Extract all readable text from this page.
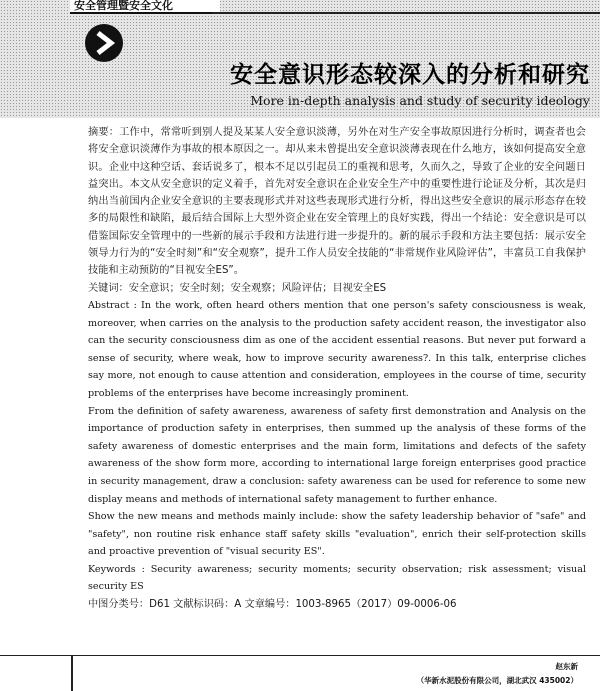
安全管理暨安全文化
安全意识形态较深入的分析和研究
More in-depth analysis and study of security ideology

摘要：工作中，常常听到别人提及某某人安全意识淡薄，另外在对生产安全事故原因进行分析时，调查者也会将安全意识淡薄作为事故的根本原因之一。却从来未曾提出安全意识淡薄表现在什么地方，该如何提高安全意识。企业中这种空话、套话说多了，根本不足以引起员工的重视和思考，久而久之，导致了企业的安全问题日益突出。本文从安全意识的定义着手，首先对安全意识在企业安全生产中的重要性进行论证及分析，其次是归纳出当前国内企业安全意识的主要表现形式并对这些表现形式进行分析，得出这些安全意识的展示形态存在较多的局限性和缺陷，最后结合国际上大型外资企业在安全管理上的良好实践，得出一个结论：安全意识是可以借鉴国际安全管理中的一些新的展示手段和方法进行进一步提升的。新的展示手段和方法主要包括：展示安全领导力行为的“安全时刻”和“安全观察”，提升工作人员安全技能的“非常规作业风险评估”，丰富员工自我保护技能和主动预防的“目视安全ES”。

关键词：安全意识；安全时刻；安全观察；风险评估；目视安全ES

Abstract : In the work, often heard others mention that one person's safety consciousness is weak, moreover, when carries on the analysis to the production safety accident reason, the investigator also can the security consciousness dim as one of the accident essential reasons. But never put forward a sense of security, where weak, how to improve security awareness?. In this talk, enterprise cliches say more, not enough to cause attention and consideration, employees in the course of time, security problems of the enterprises have become increasingly prominent.

From the definition of safety awareness, awareness of safety first demonstration and Analysis on the importance of production safety in enterprises, then summed up the analysis of these forms of the safety awareness of domestic enterprises and the main form, limitations and defects of the safety awareness of the show form more, according to international large foreign enterprises good practice in security management, draw a conclusion: safety awareness can be used for reference to some new display means and methods of international safety management to further enhance.

Show the new means and methods mainly include: show the safety leadership behavior of "safe" and "safety", non routine risk enhance staff safety skills "evaluation", enrich their self-protection skills and proactive prevention of "visual security ES".

Keywords : Security awareness; security moments; security observation; risk assessment; visual security ES

中图分类号：D61 文献标识码：A 文章编号：1003-8965（2017）09-0006-06

赵东新
（华新水泥股份有限公司，湖北武汉 435002）
